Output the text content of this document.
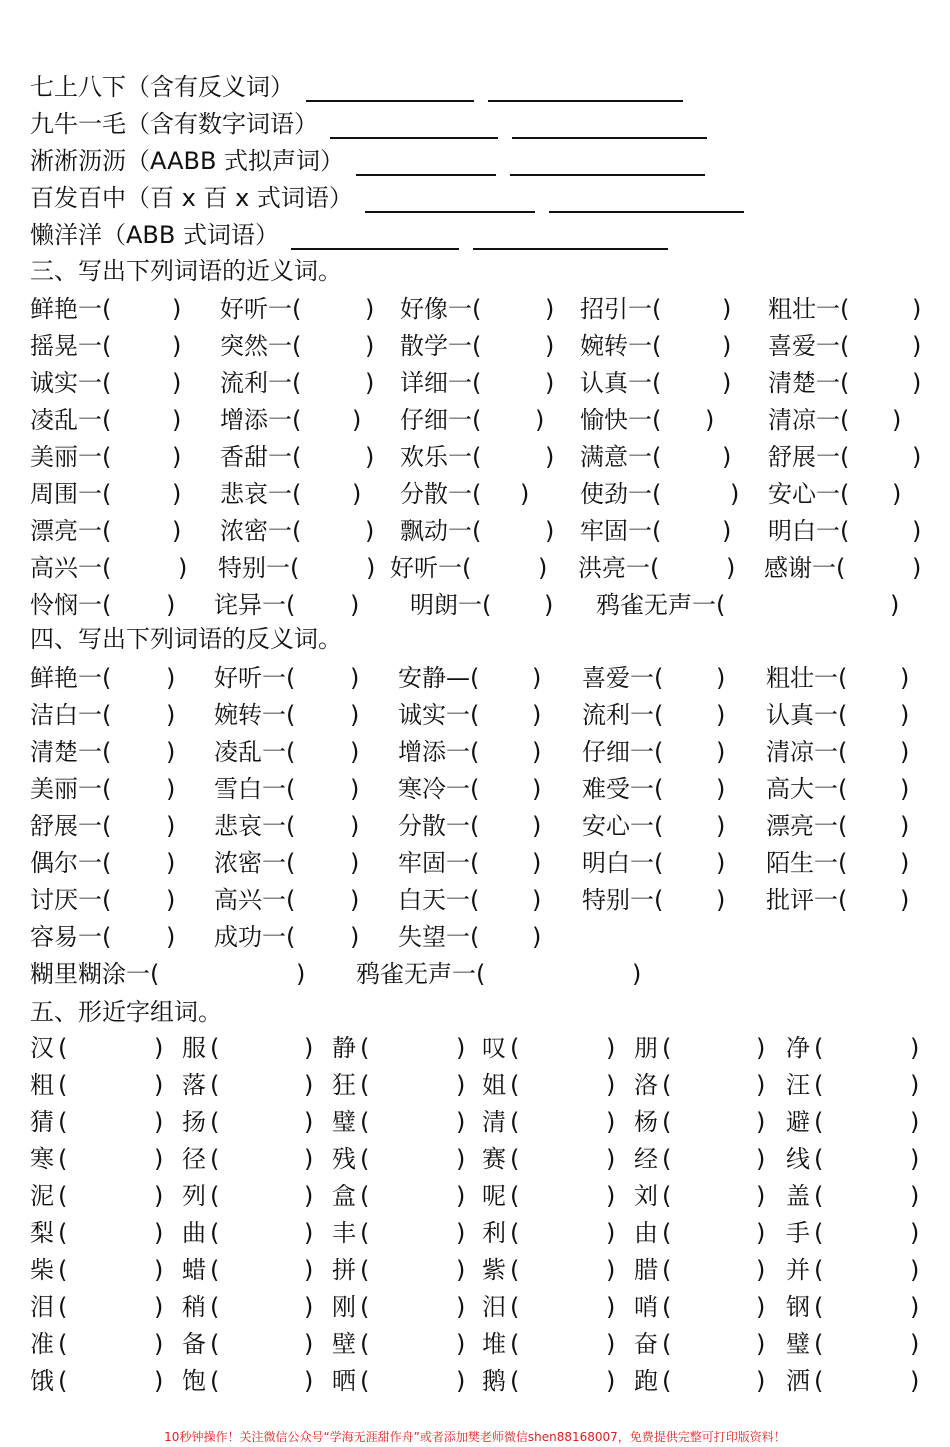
七上八下（含有反义词）
九牛一毛（含有数字词语）
淅淅沥沥（AABB 式拟声词）
百发百中（百 x 百 x 式词语）
懒洋洋（ABB 式词语）
三、写出下列词语的近义词。
鲜艳一(	) 好听一(	) 好像一(	) 招引一(	) 粗壮一(	)
摇晃一(	) 突然一(	) 散学一(	) 婉转一(	) 喜爱一(	)
诚实一(	) 流利一(	) 详细一(	) 认真一(	) 清楚一(	)
凌乱一(	) 增添一( ) 仔细一( ) 愉快一( ) 清凉一( )
美丽一(	) 香甜一(	) 欢乐一(	) 满意一(	) 舒展一(	)
周围一(	) 悲哀一( ) 分散一( ) 使劲一(	) 安心一( )
漂亮一(	) 浓密一(	) 飘动一(	) 牢固一(	) 明白一(	)
高兴一(	) 特别一(	) 好听一(	) 洪亮一(	) 感谢一(	)
怜悯一( ) 诧异一( ) 明朗一( ) 鸦雀无声一(	)
四、写出下列词语的反义词。
鲜艳一( ) 好听一( ) 安静—( ) 喜爱一( ) 粗壮一( )
洁白一( ) 婉转一( ) 诚实一( ) 流利一( ) 认真一( )
清楚一( ) 凌乱一( ) 增添一( ) 仔细一( ) 清凉一( )
美丽一( ) 雪白一( ) 寒冷一( ) 难受一( ) 高大一( )
舒展一( ) 悲哀一( ) 分散一( ) 安心一( ) 漂亮一( )
偶尔一( ) 浓密一( ) 牢固一( ) 明白一( ) 陌生一( )
讨厌一( ) 高兴一( ) 白天一( ) 特别一( ) 批评一( )
容易一( ) 成功一( ) 失望一( )
糊里糊涂一(	) 鸦雀无声一(	)
五、形近字组词。
汉 (	) 服 (	) 静 (	) 叹 (	) 朋 (	) 净 (	)
粗 (	) 落 (	) 狂 (	) 姐 (	) 洛 (	) 汪 (	)
猜 (	) 扬 (	) 璧 (	) 清 (	) 杨 (	) 避 (	)
寒 (	) 径 (	) 残 (	) 赛 (	) 经 (	) 线 (	)
泥 (	) 列 (	) 盒 (	) 呢 (	) 刘 (	) 盖 (	)
梨 (	) 曲 (	) 丰 (	) 利 (	) 由 (	) 手 (	)
柴 (	) 蜡 (	) 拼 (	) 紫 (	) 腊 (	) 并 (	)
泪 (	) 稍 (	) 刚 (	) 汨 (	) 哨 (	) 钢 (	)
准 (	) 备 (	) 壁 (	) 堆 (	) 奋 (	) 璧 (	)
饿 (	) 饱 (	) 晒 (	) 鹅 (	) 跑 (	) 洒 (	)
10秒钟操作！关注微信公众号“学海无涯甜作舟”或者添加樊老师微信shen88168007，免费提供完整可打印版资料！
